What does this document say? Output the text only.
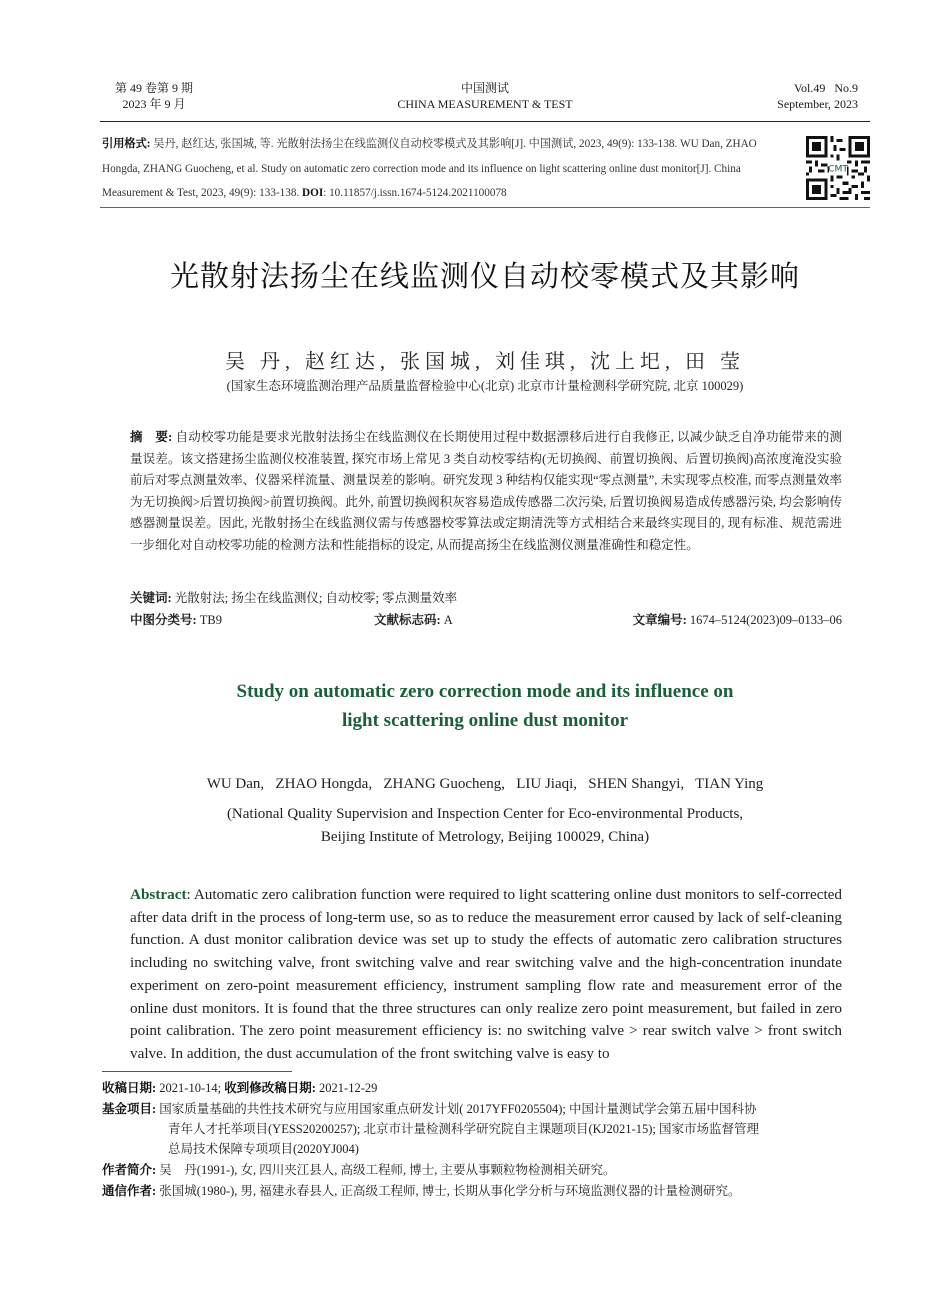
第 49 卷第 9 期
2023 年 9 月
中国测试
CHINA MEASUREMENT & TEST
Vol.49   No.9
September, 2023
引用格式: 吴丹, 赵红达, 张国城, 等. 光散射法扬尘在线监测仪自动校零模式及其影响[J]. 中国测试, 2023, 49(9): 133-138. WU Dan, ZHAO Hongda, ZHANG Guocheng, et al. Study on automatic zero correction mode and its influence on light scattering online dust monitor[J]. China Measurement & Test, 2023, 49(9): 133-138. DOI: 10.11857/j.issn.1674-5124.2021100078
CMT
光散射法扬尘在线监测仪自动校零模式及其影响
吴 丹, 赵红达, 张国城, 刘佳琪, 沈上圯, 田 莹
(国家生态环境监测治理产品质量监督检验中心(北京) 北京市计量检测科学研究院, 北京 100029)
摘　要: 自动校零功能是要求光散射法扬尘在线监测仪在长期使用过程中数据漂移后进行自我修正, 以减少缺乏自净功能带来的测量误差。该文搭建扬尘监测仪校准装置, 探究市场上常见 3 类自动校零结构(无切换阀、前置切换阀、后置切换阀)高浓度淹没实验前后对零点测量效率、仪器采样流量、测量误差的影响。研究发现 3 种结构仅能实现“零点测量”, 未实现零点校准, 而零点测量效率为无切换阀>后置切换阀>前置切换阀。此外, 前置切换阀积灰容易造成传感器二次污染, 后置切换阀易造成传感器污染, 均会影响传感器测量误差。因此, 光散射扬尘在线监测仪需与传感器校零算法或定期清洗等方式相结合来最终实现目的, 现有标准、规范需进一步细化对自动校零功能的检测方法和性能指标的设定, 从而提高扬尘在线监测仪测量准确性和稳定性。
关键词: 光散射法; 扬尘在线监测仪; 自动校零; 零点测量效率
中图分类号: TB9	文献标志码: A	文章编号: 1674–5124(2023)09–0133–06
Study on automatic zero correction mode and its influence on
light scattering online dust monitor
WU Dan,   ZHAO Hongda,   ZHANG Guocheng,   LIU Jiaqi,   SHEN Shangyi,   TIAN Ying
(National Quality Supervision and Inspection Center for Eco-environmental Products,
Beijing Institute of Metrology, Beijing 100029, China)
Abstract: Automatic zero calibration function were required to light scattering online dust monitors to self-corrected after data drift in the process of long-term use, so as to reduce the measurement error caused by lack of self-cleaning function. A dust monitor calibration device was set up to study the effects of automatic zero calibration structures including no switching valve, front switching valve and rear switching valve and the high-concentration inundate experiment on zero-point measurement efficiency, instrument sampling flow rate and measurement error of the online dust monitors. It is found that the three structures can only realize zero point measurement, but failed in zero point calibration. The zero point measurement efficiency is: no switching valve > rear switch valve > front switch valve. In addition, the dust accumulation of the front switching valve is easy to
收稿日期: 2021-10-14; 收到修改稿日期: 2021-12-29
基金项目: 国家质量基础的共性技术研究与应用国家重点研发计划( 2017YFF0205504); 中国计量测试学会第五届中国科协
青年人才托举项目(YESS20200257); 北京市计量检测科学研究院自主课题项目(KJ2021-15); 国家市场监督管理
总局技术保障专项项目(2020YJ004)
作者简介: 吴　丹(1991-), 女, 四川夹江县人, 高级工程师, 博士, 主要从事颗粒物检测相关研究。
通信作者: 张国城(1980-), 男, 福建永春县人, 正高级工程师, 博士, 长期从事化学分析与环境监测仪器的计量检测研究。
